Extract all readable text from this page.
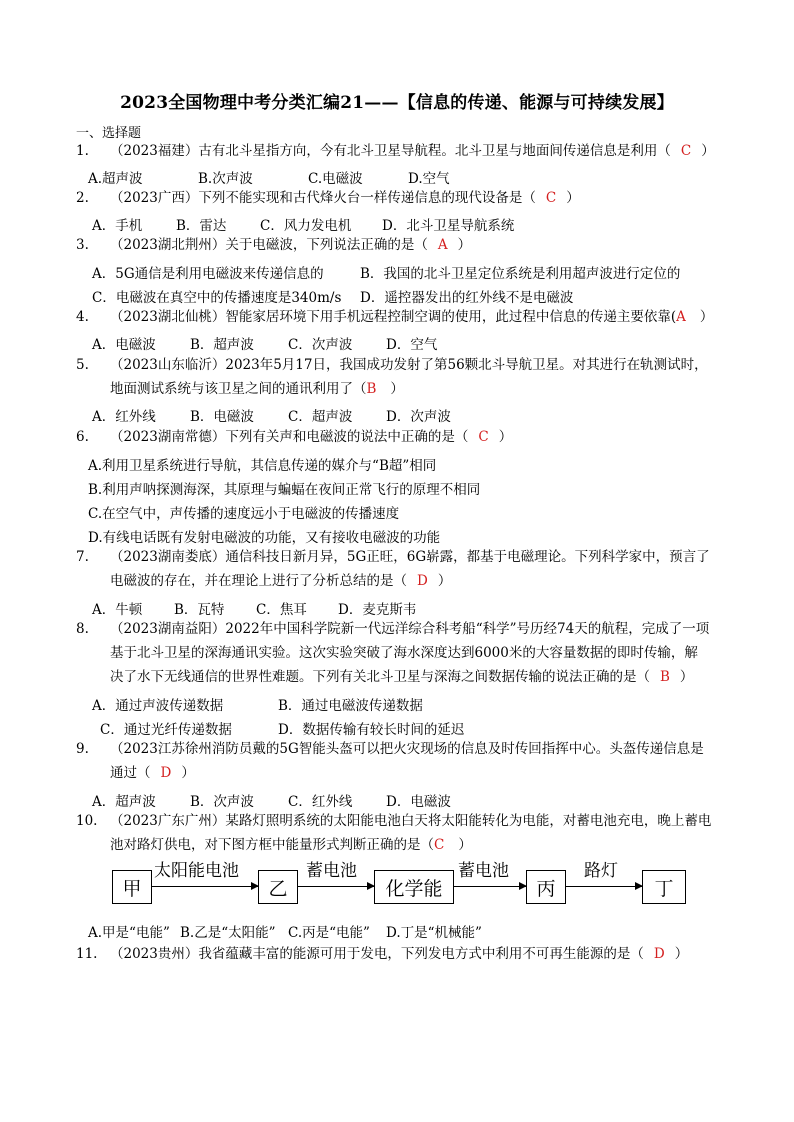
2023全国物理中考分类汇编21——【信息的传递、能源与可持续发展】
一、选择题
1. （2023福建）古有北斗星指方向，今有北斗卫星导航程。北斗卫星与地面间传递信息是利用（ C ）
A.超声波	B.次声波	C.电磁波	D.空气
2. （2023广西）下列不能实现和古代烽火台一样传递信息的现代设备是（ C ）
A．手机	B．雷达 C．风力发电机 D．北斗卫星导航系统
3. （2023湖北荆州）关于电磁波，下列说法正确的是（ A ）
A．5G通信是利用电磁波来传递信息的	B．我国的北斗卫星定位系统是利用超声波进行定位的
C．电磁波在真空中的传播速度是340m/s D．遥控器发出的红外线不是电磁波
4. （2023湖北仙桃）智能家居环境下用手机远程控制空调的使用，此过程中信息的传递主要依靠(A ）
A．电磁波	B．超声波	C．次声波 D．空气
5. （2023山东临沂）2023年5月17日，我国成功发射了第56颗北斗导航卫星。对其进行在轨测试时，
地面测试系统与该卫星之间的通讯利用了（B ）
A．红外线	B．电磁波	C．超声波 D．次声波
6. （2023湖南常德）下列有关声和电磁波的说法中正确的是（ C ）
A.利用卫星系统进行导航，其信息传递的媒介与“B超”相同
B.利用声呐探测海深，其原理与蝙蝠在夜间正常飞行的原理不相同
C.在空气中，声传播的速度远小于电磁波的传播速度
D.有线电话既有发射电磁波的功能，又有接收电磁波的功能
7. （2023湖南娄底）通信科技日新月异，5G正旺，6G崭露，都基于电磁理论。下列科学家中，预言了
电磁波的存在，并在理论上进行了分析总结的是（ D ）
A．牛顿 B．瓦特 C．焦耳 D．麦克斯韦
8. （2023湖南益阳）2022年中国科学院新一代远洋综合科考船“科学”号历经74天的航程，完成了一项
基于北斗卫星的深海通讯实验。这次实验突破了海水深度达到6000米的大容量数据的即时传输，解
决了水下无线通信的世界性难题。下列有关北斗卫星与深海之间数据传输的说法正确的是（ B ）
A．通过声波传递数据	B．通过电磁波传递数据
C．通过光纤传递数据	D．数据传输有较长时间的延迟
9. （2023江苏徐州消防员戴的5G智能头盔可以把火灾现场的信息及时传回指挥中心。头盔传递信息是
通过（ D ）
A．超声波	B．次声波	C．红外线 D．电磁波
10. （2023广东广州）某路灯照明系统的太阳能电池白天将太阳能转化为电能，对蓄电池充电，晚上蓄电
池对路灯供电，对下图方框中能量形式判断正确的是（C ）
甲
太阳能电池
乙
蓄电池
化学能
蓄电池
丙
路灯
丁
A.甲是“电能” B.乙是“太阳能” C.丙是“电能” D.丁是“机械能”
11. （2023贵州）我省蕴藏丰富的能源可用于发电，下列发电方式中利用不可再生能源的是（ D ）
